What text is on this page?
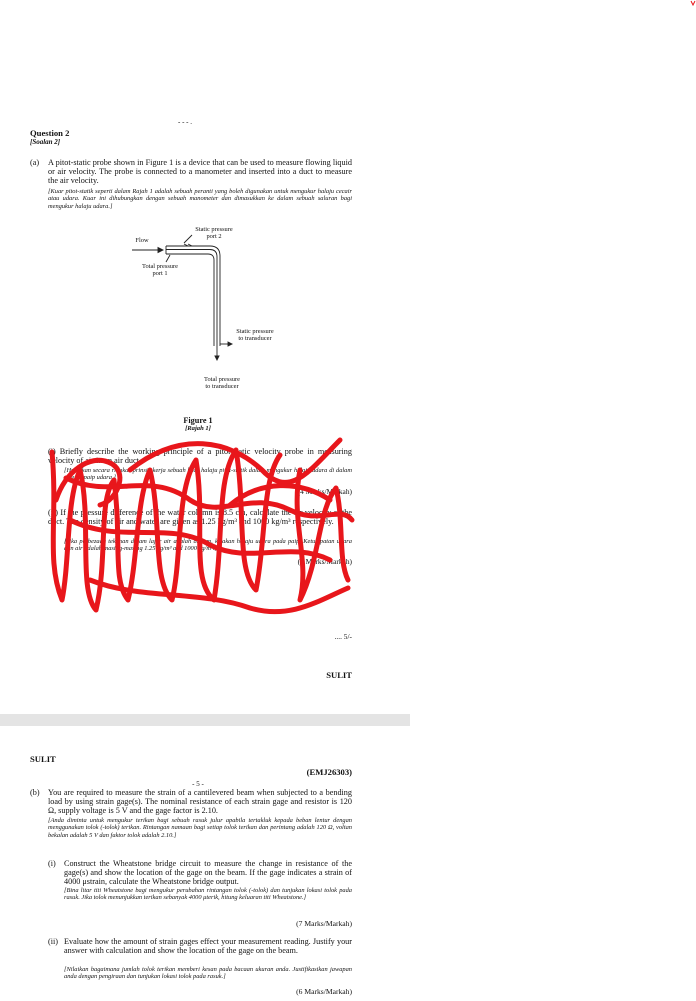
- - - .
Question 2
[Soalan 2]
(a) A pitot-static probe shown in Figure 1 is a device that can be used to measure flowing liquid or air velocity. The probe is connected to a manometer and inserted into a duct to measure the air velocity.
[Kuar pitot-statik seperti dalam Rajah 1 adalah sebuah peranti yang boleh digunakan untuk mengukur halaju cecair atau udara. Kuar ini dihubungkan dengan sebuah manometer dan dimasukkan ke dalam sebuah saluran bagi mengukur halaju udara.]
Static pressure
port 2
Flow
Total pressure
port 1
Static pressure
to transducer
Total pressure
to transducer
Figure 1
[Rajah 1]
(i) Briefly describe the working principle of a pitot-static velocity probe in measuring velocity of air in an air duct.
[Huraikan secara ringkas prinsip kerja sebuah kuar halaju pitot-statik dalam mengukur halaju udara di dalam sebuah paip udara.]
(4 Marks/Markah)
(ii) If the pressure difference of the water column is 8.5 cm, calculate the air velocity at the duct. The density of air and water are given as 1.25 kg/m³ and 1000 kg/m³ respectively.
[Jika perbezaan tekanan dalam lajur air adalah 8.5 cm, kirakan halaju udara pada paip. Ketumpatan udara dan air adalah masing-masing 1.25 kg/m³ and 1000 kg/m³.]
(4 Marks/Markah)
.... 5/-
SULIT
SULIT
(EMJ26303)
- 5 -
(b) You are required to measure the strain of a cantilevered beam when subjected to a bending load by using strain gage(s). The nominal resistance of each strain gage and resistor is 120 Ω, supply voltage is 5 V and the gage factor is 2.10.
[Anda diminta untuk mengukur terikan bagi sebuah rasuk julur apabila tertakluk kepada beban lentur dengan menggunakan tolok (-tolok) terikan. Rintangan namaan bagi setiap tolok terikan dan perintang adalah 120 Ω, voltan bekalan adalah 5 V dan faktor tolok adalah 2.10.]
(i) Construct the Wheatstone bridge circuit to measure the change in resistance of the gage(s) and show the location of the gage on the beam. If the gage indicates a strain of 4000 μstrain, calculate the Wheatstone bridge output.
[Bina litar titi Wheatstone bagi mengukur perubahan rintangan tolok (-tolok) dan tunjukan lokasi tolok pada rasuk. Jika tolok menunjukkan terikan sebanyak 4000 μterik, hitung keluaran titi Wheatstone.]
(7 Marks/Markah)
(ii) Evaluate how the amount of strain gages effect your measurement reading. Justify your answer with calculation and show the location of the gage on the beam.
[Nilaikan bagaimana jumlah tolok terikan memberi kesan pada bacaan ukuran anda. Justifikasikan jawapan anda dengan pengiraan dan tunjukan lokasi tolok pada rasuk.]
(6 Marks/Markah)
